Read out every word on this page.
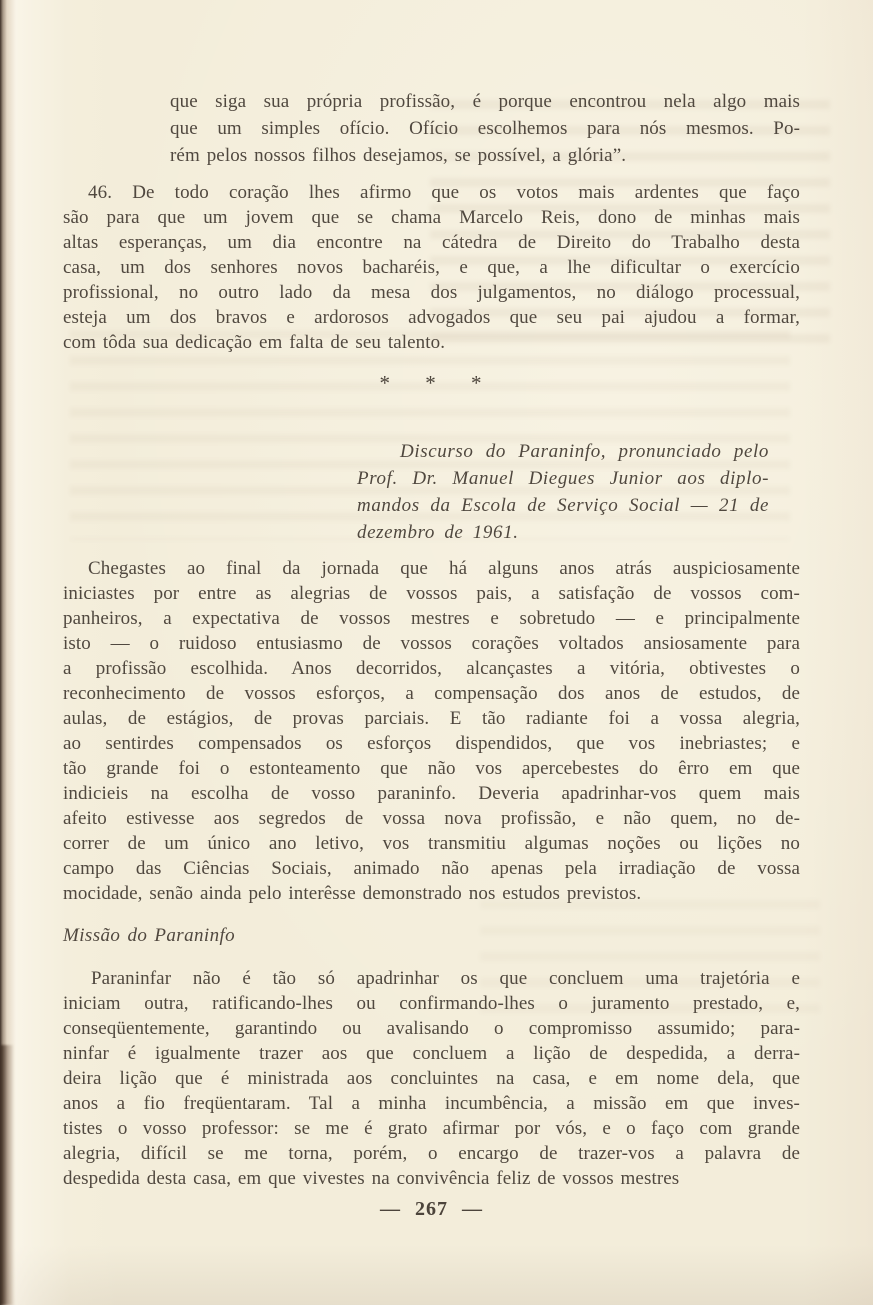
que siga sua própria profissão, é porque encontrou nela algo mais
que um simples ofício. Ofício escolhemos para nós mesmos. Po-
rém pelos nossos filhos desejamos, se possível, a glória”.
46. De todo coração lhes afirmo que os votos mais ardentes que faço
são para que um jovem que se chama Marcelo Reis, dono de minhas mais
altas esperanças, um dia encontre na cátedra de Direito do Trabalho desta
casa, um dos senhores novos bacharéis, e que, a lhe dificultar o exercício
profissional, no outro lado da mesa dos julgamentos, no diálogo processual,
esteja um dos bravos e ardorosos advogados que seu pai ajudou a formar,
com tôda sua dedicação em falta de seu talento.
* * *
Discurso do Paraninfo, pronunciado pelo
Prof. Dr. Manuel Diegues Junior aos diplo-
mandos da Escola de Serviço Social — 21 de
dezembro de 1961.
Chegastes ao final da jornada que há alguns anos atrás auspiciosamente
iniciastes por entre as alegrias de vossos pais, a satisfação de vossos com-
panheiros, a expectativa de vossos mestres e sobretudo — e principalmente
isto — o ruidoso entusiasmo de vossos corações voltados ansiosamente para
a profissão escolhida. Anos decorridos, alcançastes a vitória, obtivestes o
reconhecimento de vossos esforços, a compensação dos anos de estudos, de
aulas, de estágios, de provas parciais. E tão radiante foi a vossa alegria,
ao sentirdes compensados os esforços dispendidos, que vos inebriastes; e
tão grande foi o estonteamento que não vos apercebestes do êrro em que
indicieis na escolha de vosso paraninfo. Deveria apadrinhar-vos quem mais
afeito estivesse aos segredos de vossa nova profissão, e não quem, no de-
correr de um único ano letivo, vos transmitiu algumas noções ou lições no
campo das Ciências Sociais, animado não apenas pela irradiação de vossa
mocidade, senão ainda pelo interêsse demonstrado nos estudos previstos.
Missão do Paraninfo
Paraninfar não é tão só apadrinhar os que concluem uma trajetória e
iniciam outra, ratificando-lhes ou confirmando-lhes o juramento prestado, e,
conseqüentemente, garantindo ou avalisando o compromisso assumido; para-
ninfar é igualmente trazer aos que concluem a lição de despedida, a derra-
deira lição que é ministrada aos concluintes na casa, e em nome dela, que
anos a fio freqüentaram. Tal a minha incumbência, a missão em que inves-
tistes o vosso professor: se me é grato afirmar por vós, e o faço com grande
alegria, difícil se me torna, porém, o encargo de trazer-vos a palavra de
despedida desta casa, em que vivestes na convivência feliz de vossos mestres
— 267 —
